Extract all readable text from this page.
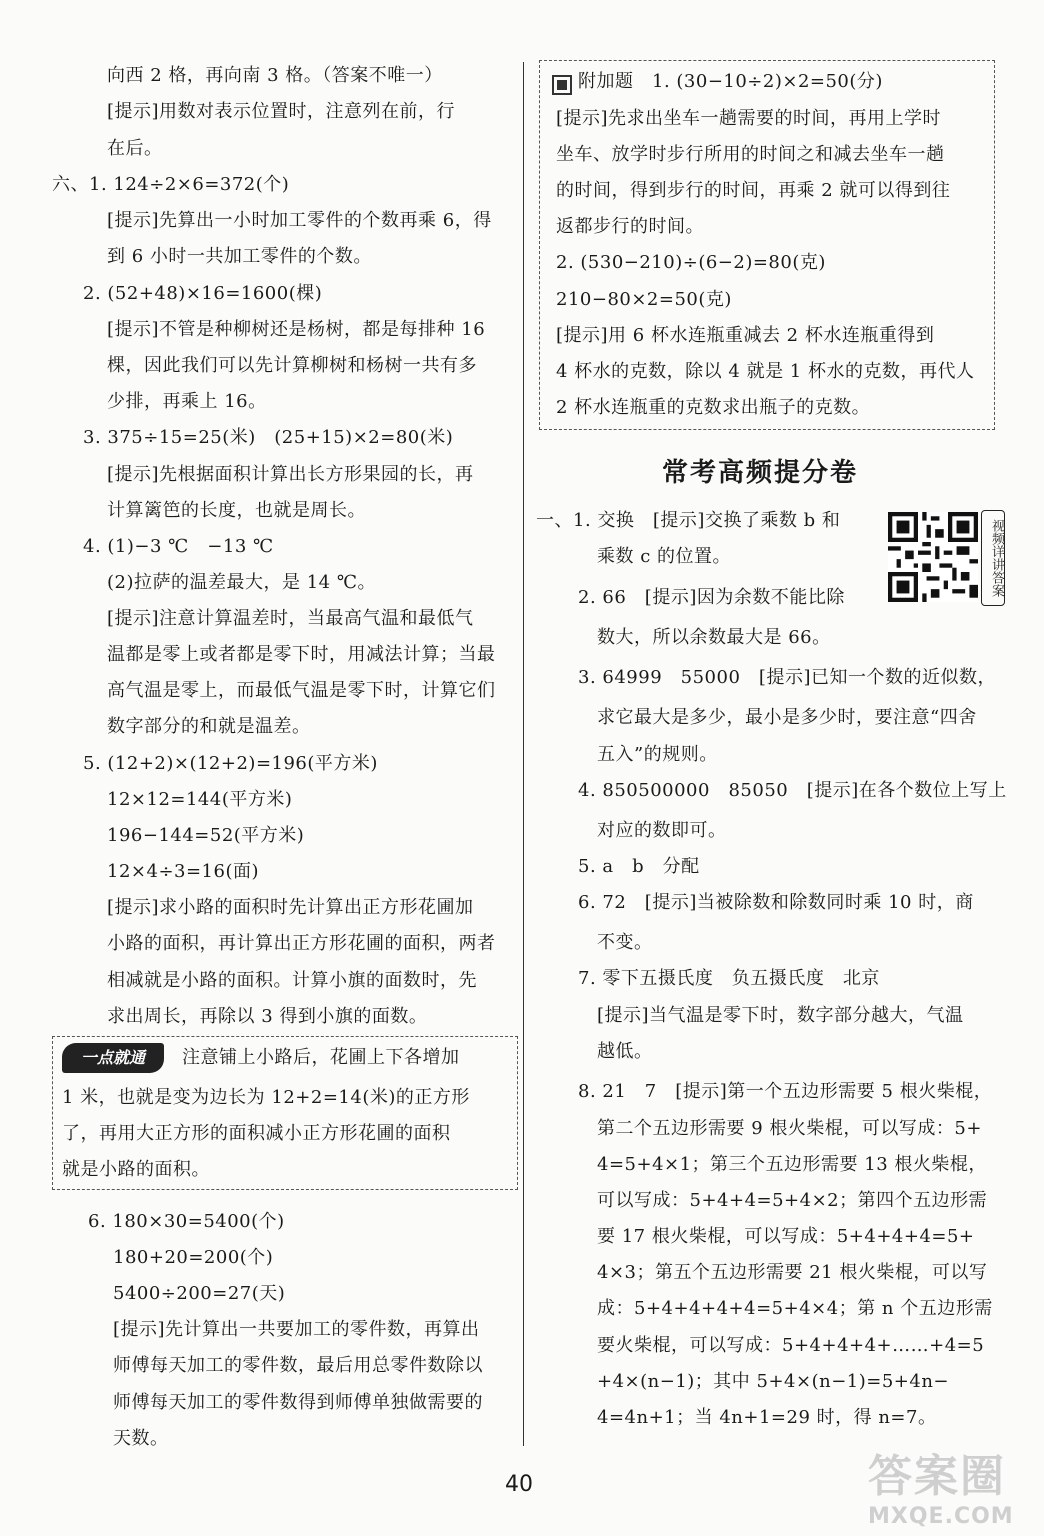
向西 2 格，再向南 3 格。（答案不唯一）
[提示]用数对表示位置时，注意列在前，行
在后。
六、1. 124÷2×6=372(个)
[提示]先算出一小时加工零件的个数再乘 6，得
到 6 小时一共加工零件的个数。
2. (52+48)×16=1600(棵)
[提示]不管是种柳树还是杨树，都是每排种 16
棵，因此我们可以先计算柳树和杨树一共有多
少排，再乘上 16。
3. 375÷15=25(米)　(25+15)×2=80(米)
[提示]先根据面积计算出长方形果园的长，再
计算篱笆的长度，也就是周长。
4. (1)−3 ℃　−13 ℃
(2)拉萨的温差最大，是 14 ℃。
[提示]注意计算温差时，当最高气温和最低气
温都是零上或者都是零下时，用减法计算；当最
高气温是零上，而最低气温是零下时，计算它们
数字部分的和就是温差。
5. (12+2)×(12+2)=196(平方米)
12×12=144(平方米)
196−144=52(平方米)
12×4÷3=16(面)
[提示]求小路的面积时先计算出正方形花圃加
小路的面积，再计算出正方形花圃的面积，两者
相减就是小路的面积。计算小旗的面数时，先
求出周长，再除以 3 得到小旗的面数。
一点就通	注意铺上小路后，花圃上下各增加
1 米，也就是变为边长为 12+2=14(米)的正方形
了，再用大正方形的面积减小正方形花圃的面积
就是小路的面积。
6. 180×30=5400(个)
180+20=200(个)
5400÷200=27(天)
[提示]先计算出一共要加工的零件数，再算出
师傅每天加工的零件数，最后用总零件数除以
师傅每天加工的零件数得到师傅单独做需要的
天数。
附加题　1. (30−10÷2)×2=50(分)
[提示]先求出坐车一趟需要的时间，再用上学时
坐车、放学时步行所用的时间之和减去坐车一趟
的时间，得到步行的时间，再乘 2 就可以得到往
返都步行的时间。
2. (530−210)÷(6−2)=80(克)
210−80×2=50(克)
[提示]用 6 杯水连瓶重减去 2 杯水连瓶重得到
4 杯水的克数，除以 4 就是 1 杯水的克数，再代人
2 杯水连瓶重的克数求出瓶子的克数。
常考高频提分卷
视频详讲答案
一、1. 交换　[提示]交换了乘数 b 和
乘数 c 的位置。
2. 66　[提示]因为余数不能比除
数大，所以余数最大是 66。
3. 64999　55000　[提示]已知一个数的近似数，
求它最大是多少，最小是多少时，要注意“四舍
五入”的规则。
4. 850500000　85050　[提示]在各个数位上写上
对应的数即可。
5. a　b　分配
6. 72　[提示]当被除数和除数同时乘 10 时，商
不变。
7. 零下五摄氏度　负五摄氏度　北京
[提示]当气温是零下时，数字部分越大，气温
越低。
8. 21　7　[提示]第一个五边形需要 5 根火柴棍，
第二个五边形需要 9 根火柴棍，可以写成：5+
4=5+4×1；第三个五边形需要 13 根火柴棍，
可以写成：5+4+4=5+4×2；第四个五边形需
要 17 根火柴棍，可以写成：5+4+4+4=5+
4×3；第五个五边形需要 21 根火柴棍，可以写
成：5+4+4+4+4=5+4×4；第 n 个五边形需
要火柴棍，可以写成：5+4+4+4+……+4=5
+4×(n−1)；其中 5+4×(n−1)=5+4n−
4=4n+1；当 4n+1=29 时，得 n=7。
40	答案圈
MXQE.COM
